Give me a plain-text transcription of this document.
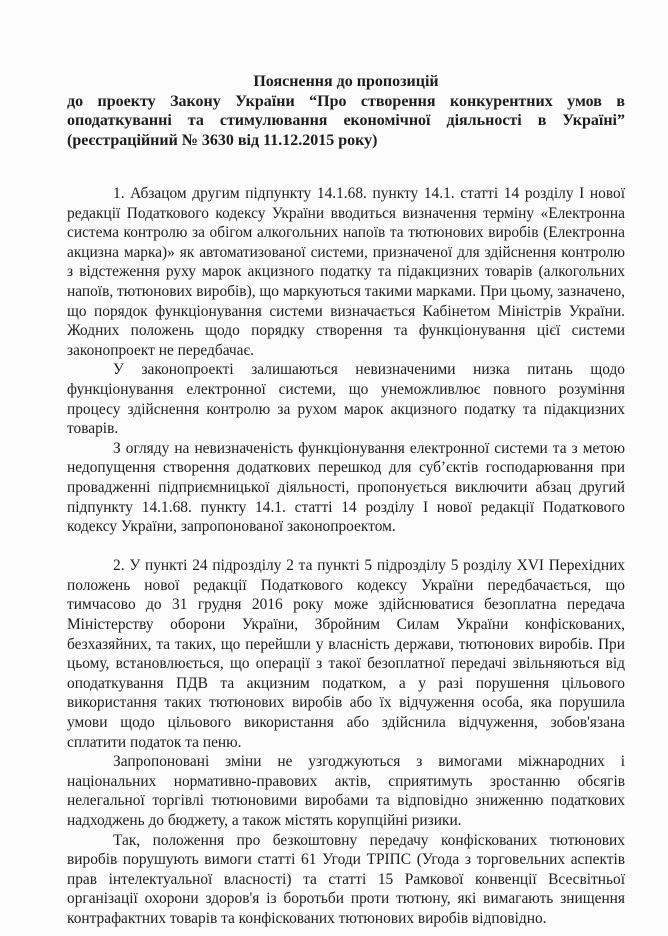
Пояснення до пропозицій
до проекту Закону України “Про створення конкурентних умов в
оподаткуванні та стимулювання економічної діяльності в Україні”
(реєстраційний № 3630 від 11.12.2015 року)

1. Абзацом другим підпункту 14.1.68. пункту 14.1. статті 14 розділу І нової редакції Податкового кодексу України вводиться визначення терміну «Електронна система контролю за обігом алкогольних напоїв та тютюнових виробів (Електронна акцизна марка)» як автоматизованої системи, призначеної для здійснення контролю з відстеження руху марок акцизного податку та підакцизних товарів (алкогольних напоїв, тютюнових виробів), що маркуються такими марками. При цьому, зазначено, що порядок функціонування системи визначається Кабінетом Міністрів України. Жодних положень щодо порядку створення та функціонування цієї системи законопроект не передбачає.

У законопроекті залишаються невизначеними низка питань щодо функціонування електронної системи, що унеможливлює повного розуміння процесу здійснення контролю за рухом марок акцизного податку та підакцизних товарів.

З огляду на невизначеність функціонування електронної системи та з метою недопущення створення додаткових перешкод для суб’єктів господарювання при провадженні підприємницької діяльності, пропонується виключити абзац другий підпункту 14.1.68. пункту 14.1. статті 14 розділу І нової редакції Податкового кодексу України, запропонованої законопроектом.

2. У пункті 24 підрозділу 2 та пункті 5 підрозділу 5 розділу XVI Перехідних положень нової редакції Податкового кодексу України передбачається, що тимчасово до 31 грудня 2016 року може здійснюватися безоплатна передача Міністерству оборони України, Збройним Силам України конфіскованих, безхазяйних, та таких, що перейшли у власність держави, тютюнових виробів. При цьому, встановлюється, що операції з такої безоплатної передачі звільняються від оподаткування ПДВ та акцизним податком, а у разі порушення цільового використання таких тютюнових виробів або їх відчуження особа, яка порушила умови щодо цільового використання або здійснила відчуження, зобов'язана сплатити податок та пеню.

Запропоновані зміни не узгоджуються з вимогами міжнародних і національних нормативно-правових актів, сприятимуть зростанню обсягів нелегальної торгівлі тютюновими виробами та відповідно зниженню податкових надходжень до бюджету, а також містять корупційні ризики.

Так, положення про безкоштовну передачу конфіскованих тютюнових виробів порушують вимоги статті 61 Угоди ТРІПС (Угода з торговельних аспектів прав інтелектуальної власності) та статті 15 Рамкової конвенції Всесвітньої організації охорони здоров'я із боротьби проти тютюну, які вимагають знищення контрафактних товарів та конфіскованих тютюнових виробів відповідно.
